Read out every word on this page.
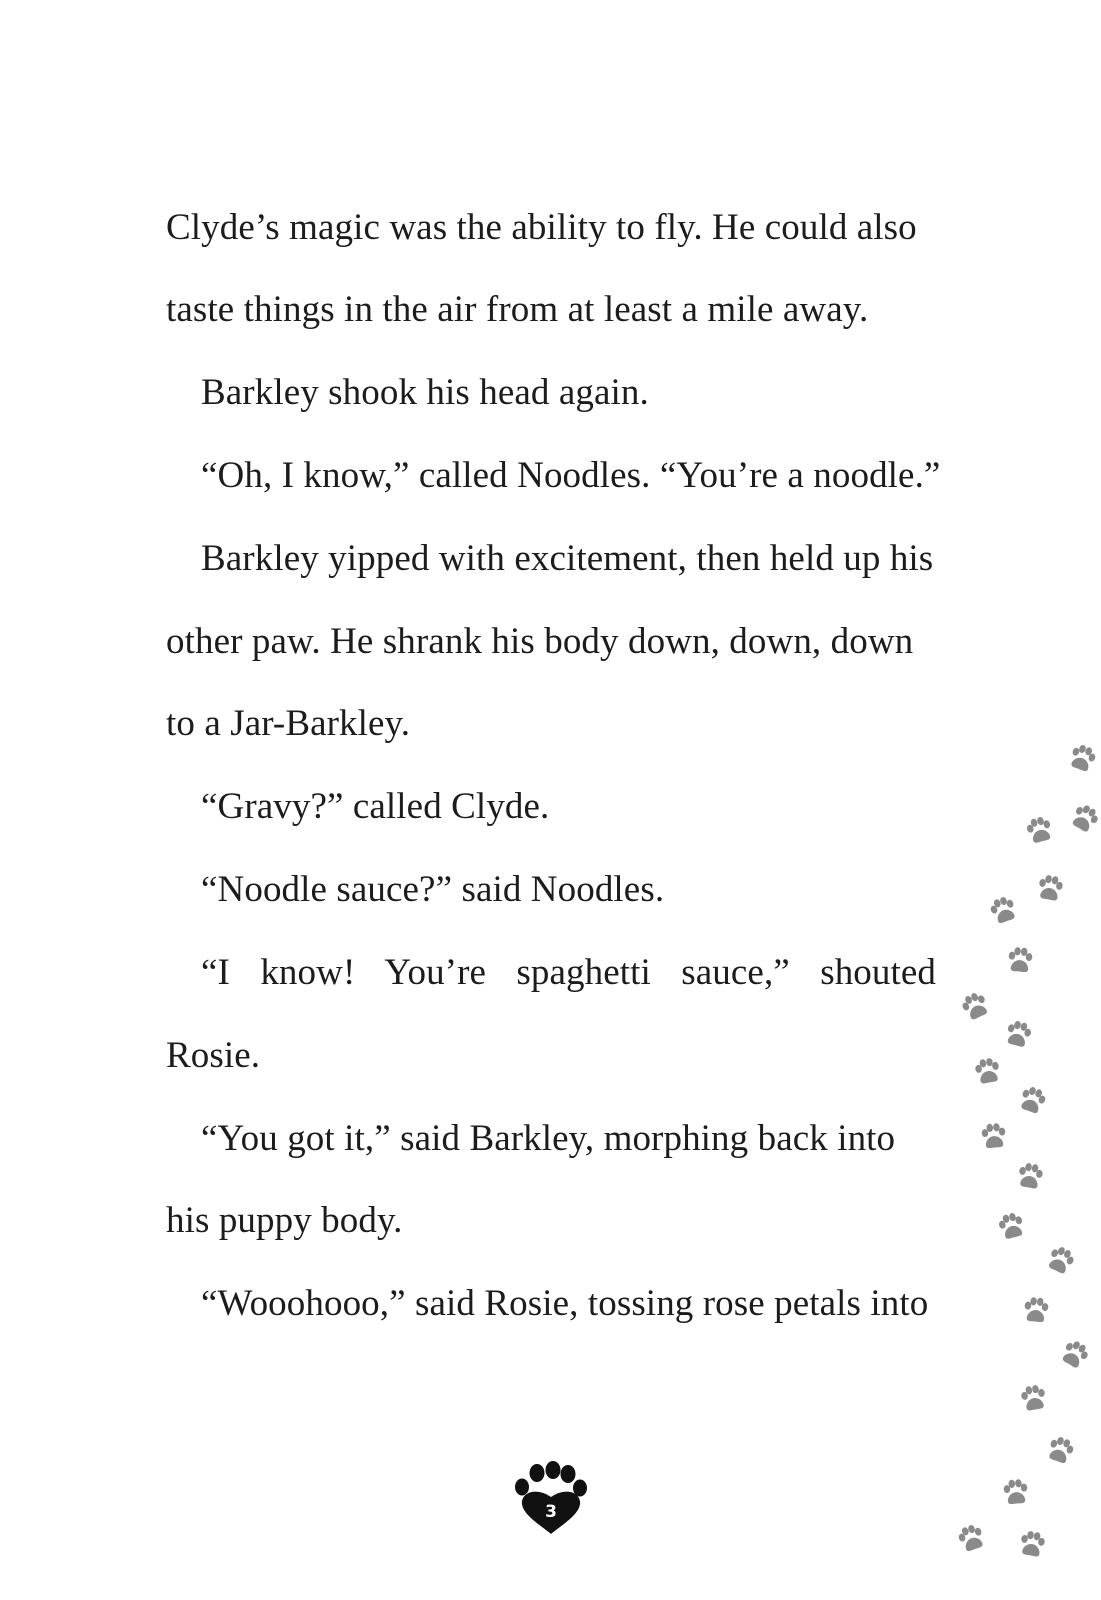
Clyde’s magic was the ability to fly. He could also
taste things in the air from at least a mile away.
Barkley shook his head again.
“Oh, I know,” called Noodles. “You’re a noodle.”
Barkley yipped with excitement, then held up his
other paw. He shrank his body down, down, down
to a Jar-Barkley.
“Gravy?” called Clyde.
“Noodle sauce?” said Noodles.
“I know! You’re spaghetti sauce,” shouted
Rosie.
“You got it,” said Barkley, morphing back into
his puppy body.
“Wooohooo,” said Rosie, tossing rose petals into
3
